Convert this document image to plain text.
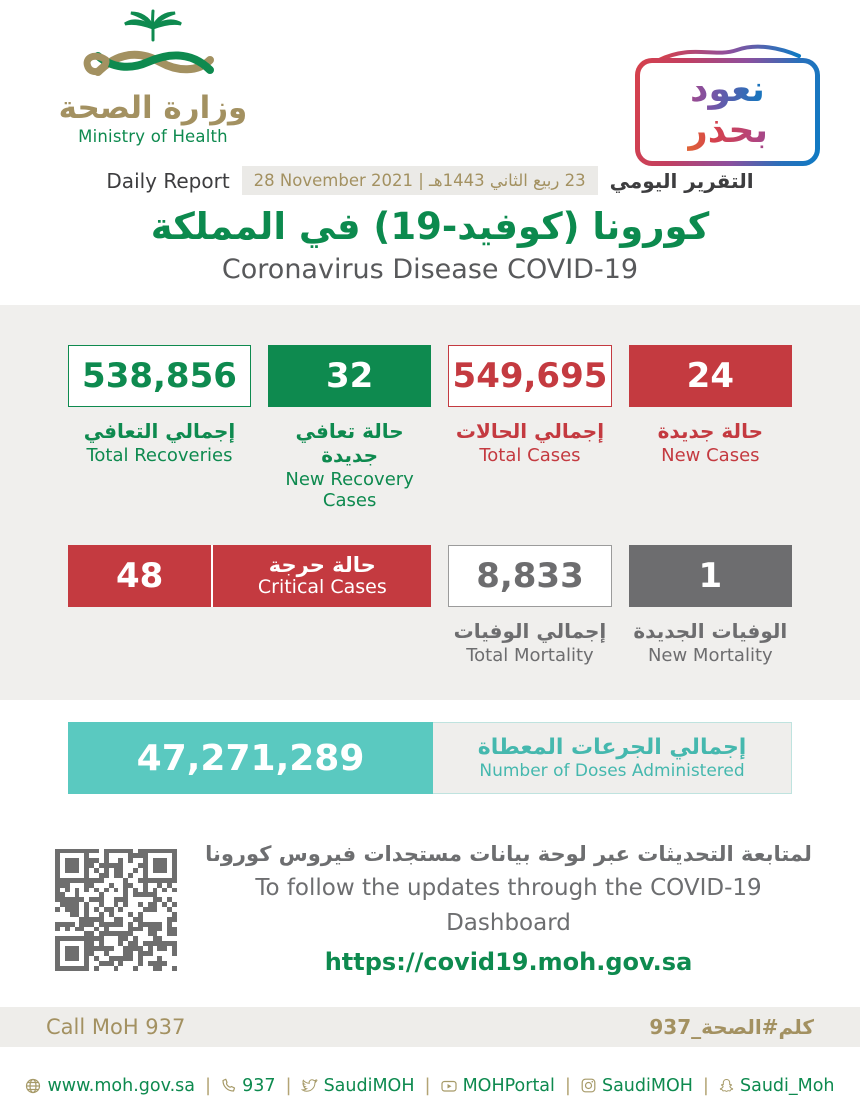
وزارة الصحة
Ministry of Health
نعود بحذر
Daily Report	28 November 2021 | 23 ربيع الثاني 1443هـ	التقرير اليومي
كورونا (كوفيد-19) في المملكة
Coronavirus Disease COVID-19
538,856
إجمالي التعافي
Total Recoveries
32
حالة تعافي جديدة
New Recovery Cases
549,695
إجمالي الحالات
Total Cases
24
حالة جديدة
New Cases
48	حالة حرجة
Critical Cases	8,833
إجمالي الوفيات
Total Mortality
1
الوفيات الجديدة
New Mortality
47,271,289	إجمالي الجرعات المعطاة
Number of Doses Administered
لمتابعة التحديثات عبر لوحة بيانات مستجدات فيروس كورونا
To follow the updates through the COVID-19 Dashboard
https://covid19.moh.gov.sa
Call MoH 937	كلم#الصحة_937
www.moh.gov.sa | 937 | SaudiMOH | MOHPortal | SaudiMOH | Saudi_Moh
